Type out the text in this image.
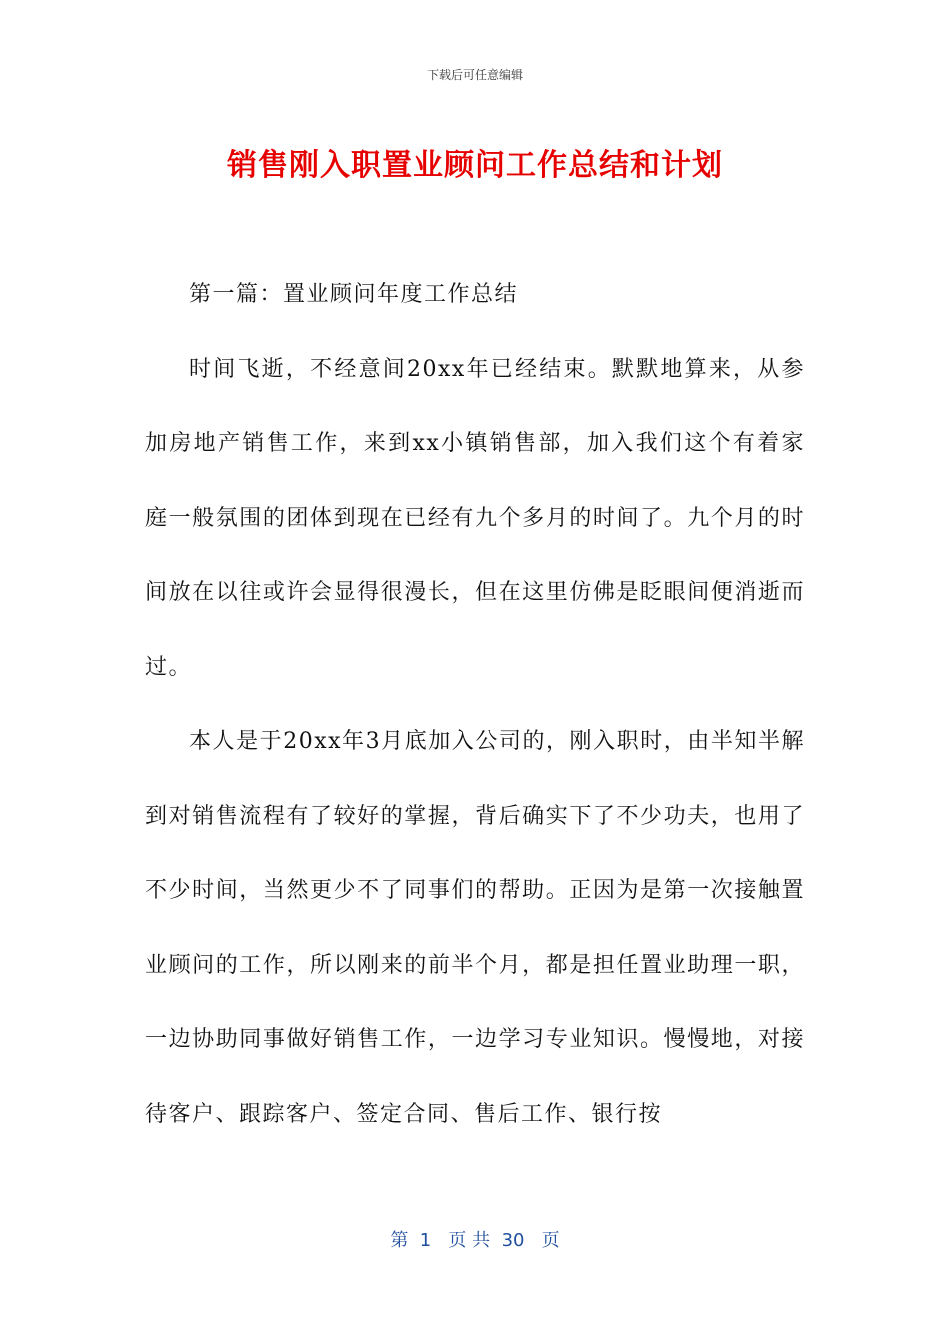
下载后可任意编辑
销售刚入职置业顾问工作总结和计划

第一篇：置业顾问年度工作总结

时间飞逝，不经意间20xx年已经结束。默默地算来，从参加房地产销售工作，来到xx小镇销售部，加入我们这个有着家庭一般氛围的团体到现在已经有九个多月的时间了。九个月的时间放在以往或许会显得很漫长，但在这里仿佛是眨眼间便消逝而过。

本人是于20xx年3月底加入公司的，刚入职时，由半知半解到对销售流程有了较好的掌握，背后确实下了不少功夫，也用了不少时间，当然更少不了同事们的帮助。正因为是第一次接触置业顾问的工作，所以刚来的前半个月，都是担任置业助理一职，一边协助同事做好销售工作，一边学习专业知识。慢慢地，对接待客户、跟踪客户、签定合同、售后工作、银行按

第  1   页 共  30   页
